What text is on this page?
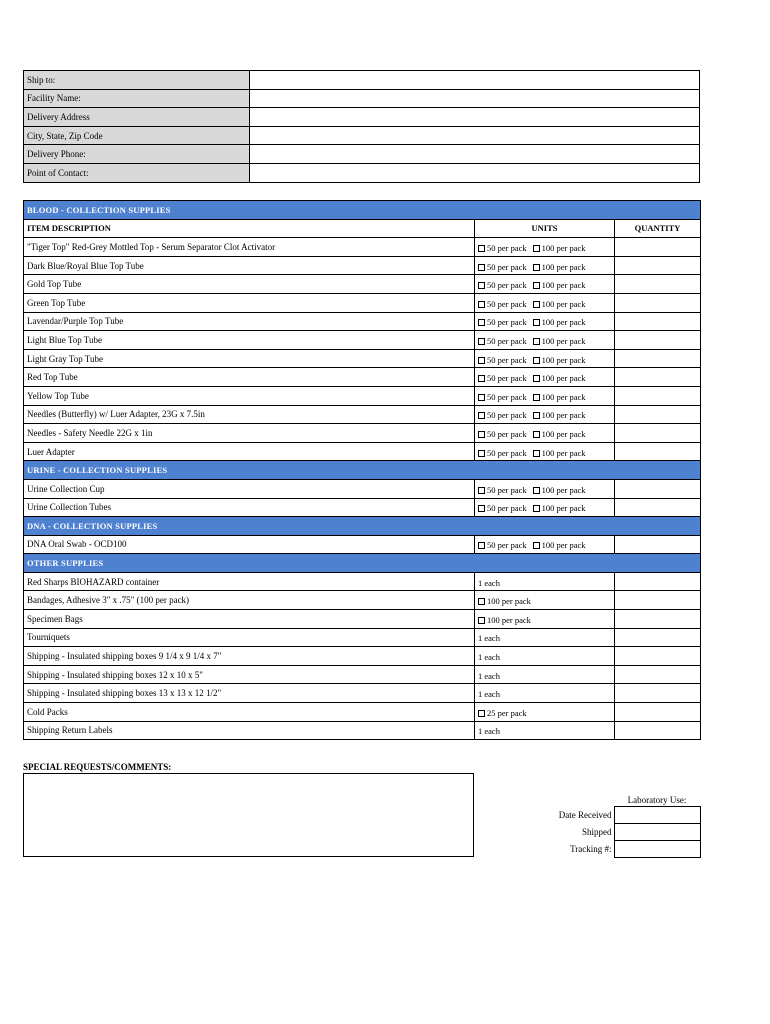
Ship to:	
Facility Name:	
Delivery Address	
City, State, Zip Code	
Delivery Phone:	
Point of Contact:	
BLOOD - COLLECTION SUPPLIES		
ITEM DESCRIPTION	UNITS	QUANTITY
"Tiger Top" Red-Grey Mottled Top - Serum Separator Clot Activator	50 per pack 100 per pack	
Dark Blue/Royal Blue Top Tube	50 per pack 100 per pack	
Gold Top Tube	50 per pack 100 per pack	
Green Top Tube	50 per pack 100 per pack	
Lavendar/Purple Top Tube	50 per pack 100 per pack	
Light Blue Top Tube	50 per pack 100 per pack	
Light Gray Top Tube	50 per pack 100 per pack	
Red Top Tube	50 per pack 100 per pack	
Yellow Top Tube	50 per pack 100 per pack	
Needles (Butterfly) w/ Luer Adapter, 23G x 7.5in	50 per pack 100 per pack	
Needles - Safety Needle 22G x 1in	50 per pack 100 per pack	
Luer Adapter	50 per pack 100 per pack	
URINE - COLLECTION SUPPLIES		
Urine Collection Cup	50 per pack 100 per pack	
Urine Collection Tubes	50 per pack 100 per pack	
DNA - COLLECTION SUPPLIES		
DNA Oral Swab - OCD100	50 per pack 100 per pack	
OTHER SUPPLIES		
Red Sharps BIOHAZARD container	1 each	
Bandages, Adhesive 3" x .75" (100 per pack)	100 per pack	
Specimen Bags	100 per pack	
Tourniquets	1 each	
Shipping - Insulated shipping boxes 9 1/4 x 9 1/4 x 7"	1 each	
Shipping - Insulated shipping boxes 12 x 10 x 5"	1 each	
Shipping - Insulated shipping boxes 13 x 13 x 12 1/2"	1 each	
Cold Packs	25 per pack	
Shipping Return Labels	1 each	
SPECIAL REQUESTS/COMMENTS:
Laboratory Use:
Date Received	
Shipped	
Tracking #:	
